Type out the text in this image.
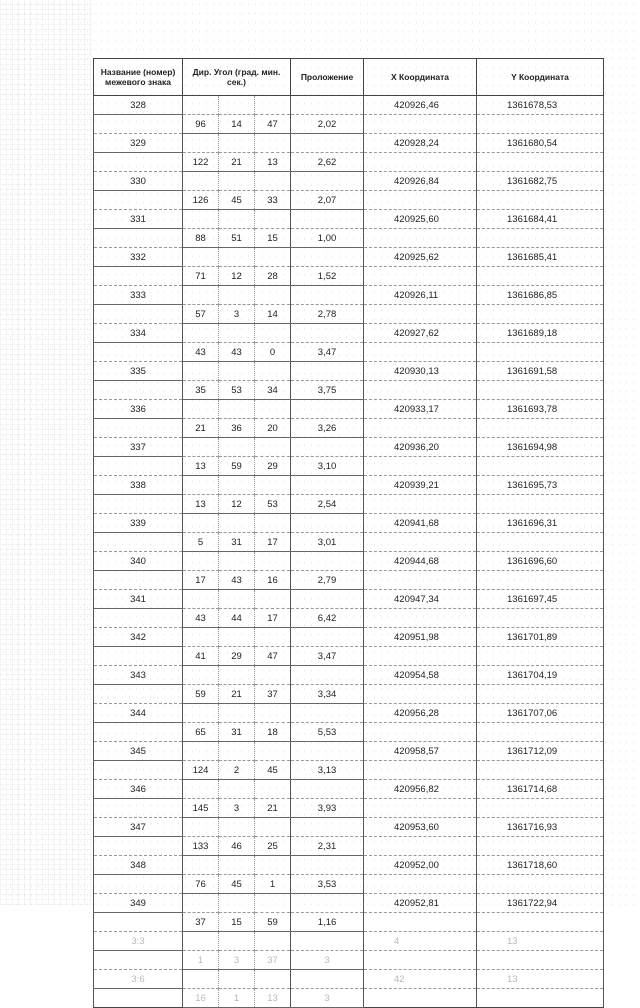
Название (номер) межевого знака	Дир. Угол (град. мин. сек.)			Проложение	X Координата	Y Координата
328					420926,46	1361678,53
	96	14	47	2,02		
329					420928,24	1361680,54
	122	21	13	2,62		
330					420926,84	1361682,75
	126	45	33	2,07		
331					420925,60	1361684,41
	88	51	15	1,00		
332					420925,62	1361685,41
	71	12	28	1,52		
333					420926,11	1361686,85
	57	3	14	2,78		
334					420927,62	1361689,18
	43	43	0	3,47		
335					420930,13	1361691,58
	35	53	34	3,75		
336					420933,17	1361693,78
	21	36	20	3,26		
337					420936,20	1361694,98
	13	59	29	3,10		
338					420939,21	1361695,73
	13	12	53	2,54		
339					420941,68	1361696,31
	5	31	17	3,01		
340					420944,68	1361696,60
	17	43	16	2,79		
341					420947,34	1361697,45
	43	44	17	6,42		
342					420951,98	1361701,89
	41	29	47	3,47		
343					420954,58	1361704,19
	59	21	37	3,34		
344					420956,28	1361707,06
	65	31	18	5,53		
345					420958,57	1361712,09
	124	2	45	3,13		
346					420956,82	1361714,68
	145	3	21	3,93		
347					420953,60	1361716,93
	133	46	25	2,31		
348					420952,00	1361718,60
	76	45	1	3,53		
349					420952,81	1361722,94
	37	15	59	1,16		
3:3					4	13
	1	3	37	3		
3:6					42	13
	16	1	13	3		
